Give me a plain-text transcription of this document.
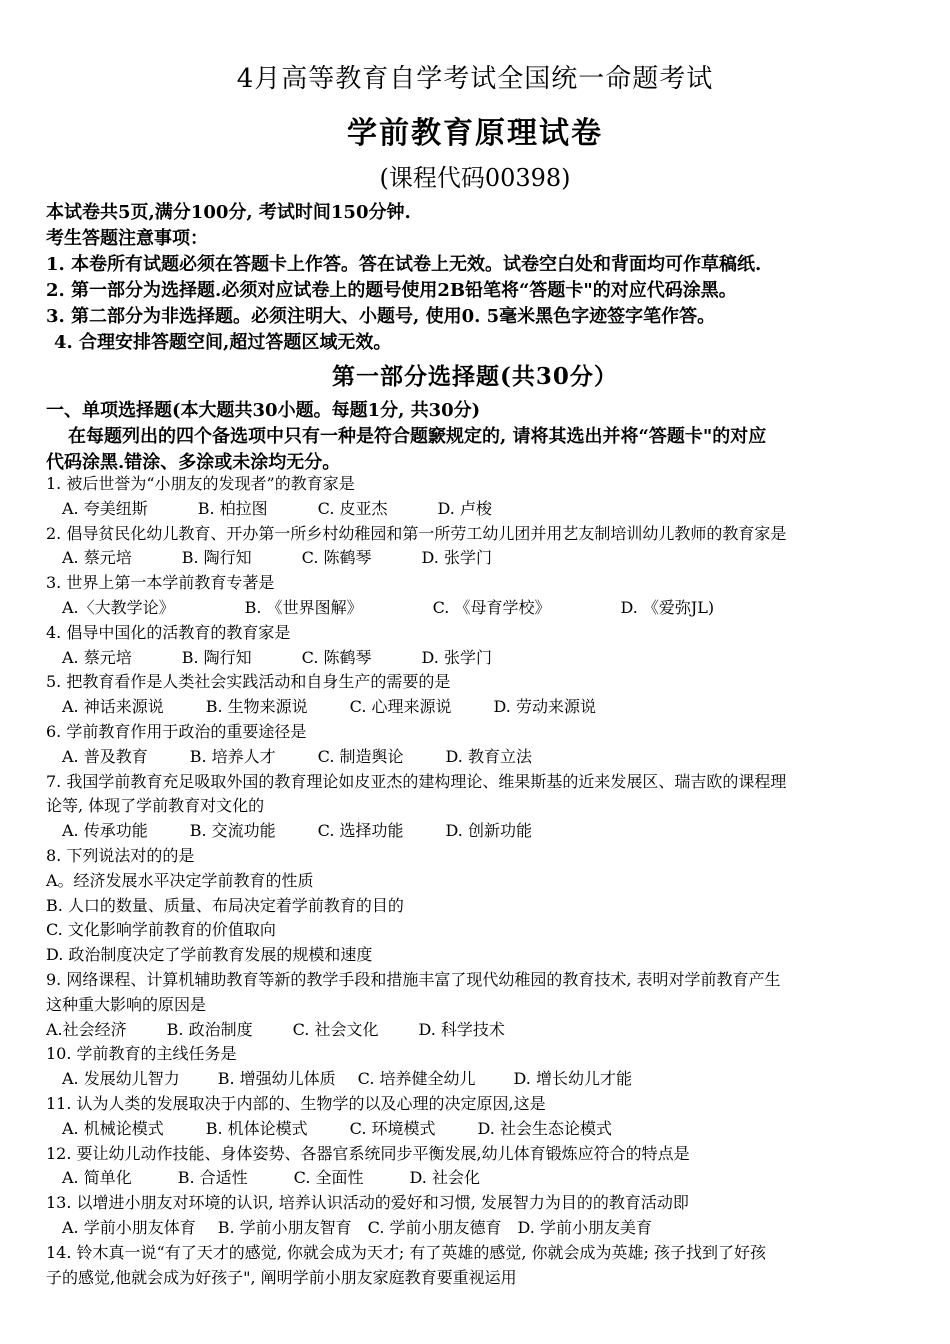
4月高等教育自学考试全国统一命题考试
学前教育原理试卷
(课程代码00398)
本试卷共5页,满分100分, 考试时间150分钟.
考生答题注意事项：
1. 本卷所有试题必须在答题卡上作答。答在试卷上无效。试卷空白处和背面均可作草稿纸.
2. 第一部分为选择题.必须对应试卷上的题号使用2B铅笔将“答题卡"的对应代码涂黑。
3. 第二部分为非选择题。必须注明大、小题号, 使用0. 5毫米黑色字迹签字笔作答。
4. 合理安排答题空间,超过答题区域无效。
第一部分选择题(共30分）
一、单项选择题(本大题共30小题。每题1分, 共30分)
在每题列出的四个备选项中只有一种是符合题窾规定的, 请将其选出并将“答题卡"的对应
代码涂黑.错涂、多涂或未涂均无分。
1. 被后世誉为“小朋友的发现者”的教育家是
A. 夸美纽斯	B. 柏拉图	C. 皮亚杰	D. 卢梭
2. 倡导贫民化幼儿教育、开办第一所乡村幼稚园和第一所劳工幼儿团并用艺友制培训幼儿教师的教育家是
A. 蔡元培	B. 陶行知	C. 陈鹤琴	D. 张学门
3. 世界上第一本学前教育专著是
A.〈大教学论》	B. 《世界图解》	C. 《母育学校》	D. 《爱弥JL)
4. 倡导中国化的活教育的教育家是
A. 蔡元培	B. 陶行知	C. 陈鹤琴	D. 张学门
5. 把教育看作是人类社会实践活动和自身生产的需要的是
A. 神话来源说	B. 生物来源说	C. 心理来源说	D. 劳动来源说
6. 学前教育作用于政治的重要途径是
A. 普及教育	B. 培养人才	C. 制造舆论	D. 教育立法
7. 我国学前教育充足吸取外国的教育理论如皮亚杰的建构理论、维果斯基的近来发展区、瑞吉欧的课程理
论等, 体现了学前教育对文化的
A. 传承功能	B. 交流功能	C. 选择功能	D. 创新功能
8. 下列说法对的的是
A。经济发展水平决定学前教育的性质
B. 人口的数量、质量、布局决定着学前教育的目的
C. 文化影响学前教育的价值取向
D. 政治制度决定了学前教育发展的规模和速度
9. 网络课程、计算机辅助教育等新的教学手段和措施丰富了现代幼稚园的教育技术, 表明对学前教育产生
这种重大影响的原因是
A.社会经济	B. 政治制度	C. 社会文化	D. 科学技术
10. 学前教育的主线任务是
A. 发展幼儿智力 B. 增强幼儿体质 C. 培养健全幼儿 D. 增长幼儿才能
11. 认为人类的发展取决于内部的、生物学的以及心理的决定原因,这是
A. 机械论模式	B. 机体论模式	C. 环境模式	D. 社会生态论模式
12. 要让幼儿动作技能、身体姿势、各器官系统同步平衡发展,幼儿体育锻炼应符合的特点是
A. 简单化	B. 合适性	C. 全面性	D. 社会化
13. 以增进小朋友对环境的认识, 培养认识活动的爱好和习惯, 发展智力为目的的教育活动即
A. 学前小朋友体育 B. 学前小朋友智育 C. 学前小朋友德育 D. 学前小朋友美育
14. 铃木真一说“有了天才的感觉, 你就会成为天才; 有了英雄的感觉, 你就会成为英雄; 孩子找到了好孩
子的感觉,他就会成为好孩子", 阐明学前小朋友家庭教育要重视运用
